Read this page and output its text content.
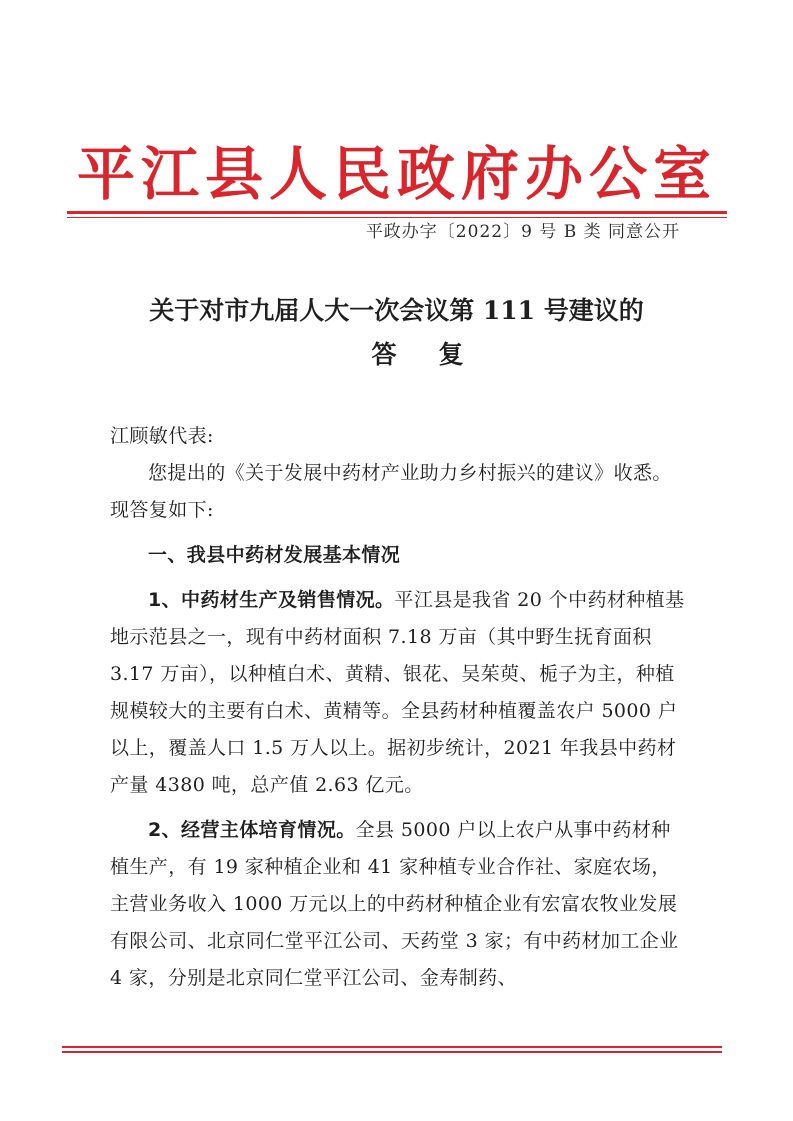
平江县人民政府办公室
平政办字〔2022〕9 号 B 类 同意公开
关于对市九届人大一次会议第 111 号建议的
答复

江顾敏代表:

您提出的《关于发展中药材产业助力乡村振兴的建议》收悉。现答复如下:

一、我县中药材发展基本情况

1、中药材生产及销售情况。平江县是我省 20 个中药材种植基地示范县之一，现有中药材面积 7.18 万亩（其中野生抚育面积 3.17 万亩），以种植白术、黄精、银花、吴茱萸、栀子为主，种植规模较大的主要有白术、黄精等。全县药材种植覆盖农户 5000 户以上，覆盖人口 1.5 万人以上。据初步统计，2021 年我县中药材产量 4380 吨，总产值 2.63 亿元。

2、经营主体培育情况。全县 5000 户以上农户从事中药材种植生产，有 19 家种植企业和 41 家种植专业合作社、家庭农场，主营业务收入 1000 万元以上的中药材种植企业有宏富农牧业发展有限公司、北京同仁堂平江公司、天药堂 3 家；有中药材加工企业 4 家，分别是北京同仁堂平江公司、金寿制药、
